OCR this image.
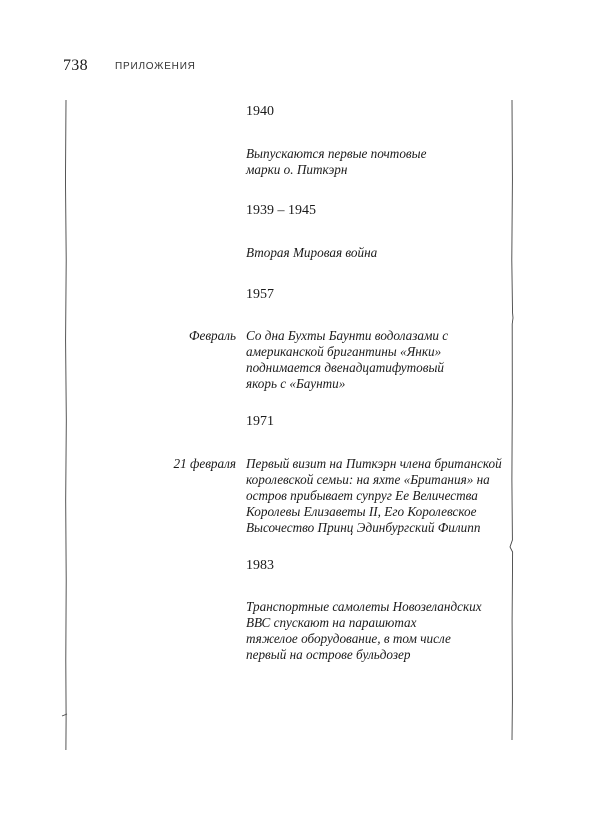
738	ПРИЛОЖЕНИЯ
1940
Выпускаются первые почтовые
марки о. Питкэрн
1939 – 1945
Вторая Мировая война
1957
Февраль Со дна Бухты Баунти водолазами с
американской бригантины «Янки»
поднимается двенадцатифутовый
якорь с «Баунти»
1971
21 февраля Первый визит на Питкэрн члена британской
королевской семьи: на яхте «Британия» на
остров прибывает супруг Ее Величества
Королевы Елизаветы II, Его Королевское
Высочество Принц Эдинбургский Филипп
1983
Транспортные самолеты Новозеландских
ВВС спускают на парашютах
тяжелое оборудование, в том числе
первый на острове бульдозер
